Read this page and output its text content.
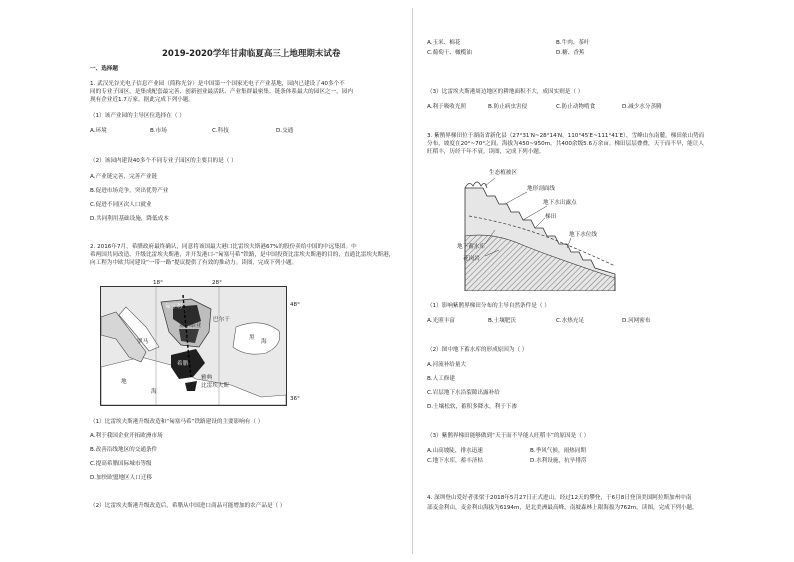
2019-2020学年甘肃临夏高三上地理期末试卷
一、选择题
1. 武汉光谷光电子信息产业园（简称光谷）是中国第一个国家光电子产业基地，园内已建设了40多个不
同的专业子园区，是集成配套最完善、创新创业最活跃、产业集群最密集、链条体系最大的园区之一，园内
现有企业近1.7万家。据此完成下列小题。
（1）该产业园的主导区位选择在（ ）
A.环境	B.市场	C.科技	D.交通
（2）该园内建设40多个不同专业子园区的主要目的是（ ）
A.产业链完善，完善产业链
B.促进市场竞争，突出优势产业
C.促进不同区次人口就业
D.共同利用基础设施，降低成本
2. 2016年7月，希腊政府最终确认，同意将该国最大港口比雷埃夫斯港67%的股份卖给中国的中远集团。中
希两国共同改造、升级比雷埃夫斯港，并开发港口-“匈塞马希”铁路，是中国投资比雷埃夫斯港的目的，直通比雷埃夫斯港，
向工程为中欧共同建设“一带一路”提议提供了有效的推动力。读图，完成下列小题。
18°	28°
匈牙利
塞尔维亚
巴尔干
罗马
黑
海
地
海
希腊
雅典
比雷埃夫斯
48°
36°
（1）比雷埃夫斯港升级改造和“匈塞马希”铁路建设的主要影响有（ ）
A.利于我国企业开拓欧洲市场
B.改善沿线地区的交通条件
C.提高希腊国际城市等级
D.加快欧盟地区人口迁移
（2）比雷埃夫斯港升级改造后，希腊从中国进口商品可能增加的农产品是（ ）
A.玉米、棉花	B.牛肉、茶叶
C.葡萄干、橄榄油	D.糖、香蕉
（3）比雷埃夫斯港周边地区的耕地面积不大，成因实则是（ ）
A.利于吸收光照	B.防止病虫害侵	C.防止动物啃食	D.减少水分蒸腾
3. 紫鹊界梯田位于湖南省新化县（27°31′N~28°14′N，110°45′E~111°41′E），雪峰山东南麓。梯田依山势而
分布，坡度在20°~70°之间，海拔为450~950m，共400余级5.6万余亩。梯田层层叠叠，天干而不旱，能让人
旺稻丰，历经千年不衰。读图，完成下列小题。
生态植被区
地形剖面线
地下水出露点
梯田
地下蓄水库
地下水位线
花岗岩
（1）影响紫鹊界梯田分布的主导自然条件是（ ）
A.光照丰富	B.土壤肥沃	C.水热充足	D.河网密布
（2）图中地下蓄水库的形成原因为（ ）
A.河流补给量大
B.人工修建
C.岩层地下水沿裂隙出露补给
D.土壤松软，蓄积多降水，利于下渗
（3）紫鹊界梯田能够做到“天干而不旱能人旺稻丰”的原因是（ ）
A.山高坡陡，排水迅速	B.季风气候，雨热同期
C.地下水库，蓄丰济枯	D.水利设施，抗旱排涝
4. 深圳登山爱好者张梁于2018年5月27日正式进山，经过12天的攀登，于6月8日登顶美国阿拉斯加州中南
部麦金利山，麦金利山海拔为6194m，是北美洲最高峰，南坡森林上限海拔为762m。读图，完成下列小题。
